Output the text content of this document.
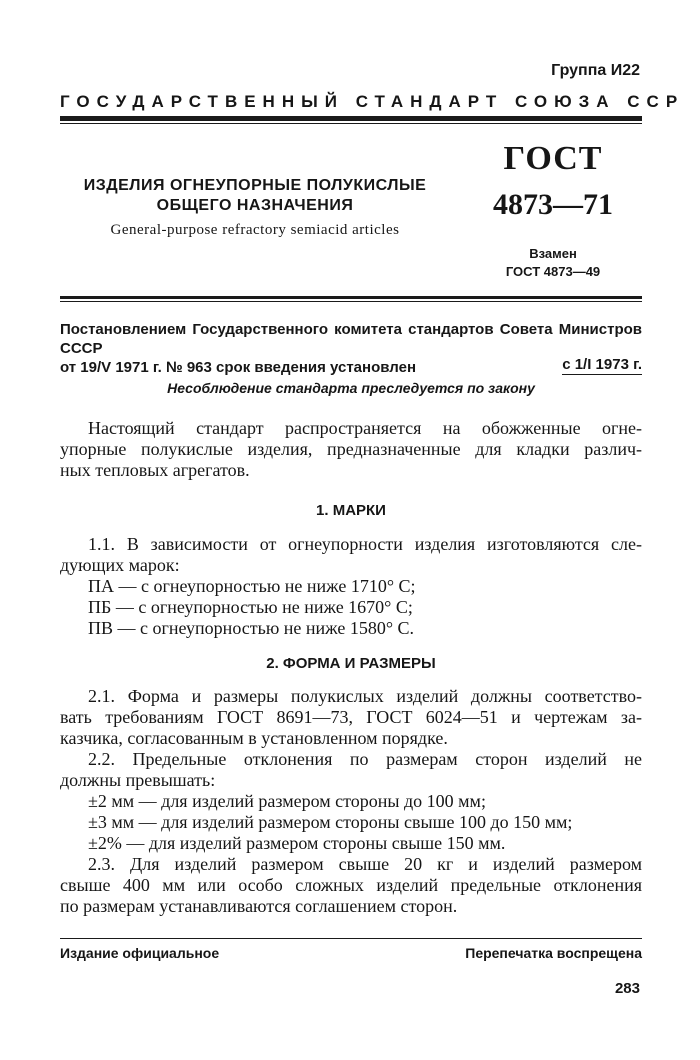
Группа И22
ГОСУДАРСТВЕННЫЙ СТАНДАРТ СОЮЗА ССР
ИЗДЕЛИЯ ОГНЕУПОРНЫЕ ПОЛУКИСЛЫЕ
ОБЩЕГО НАЗНАЧЕНИЯ
General-purpose refractory semiacid articles
ГОСТ
4873—71
Взамен
ГОСТ 4873—49
Постановлением Государственного комитета стандартов Совета Министров СССР
от 19/V 1971 г. № 963 срок введения установлен	с 1/I 1973 г.
Несоблюдение стандарта преследуется по закону
Настоящий стандарт распространяется на обожженные огне-
упорные полукислые изделия, предназначенные для кладки различ-
ных тепловых агрегатов.
1. МАРКИ
1.1. В зависимости от огнеупорности изделия изготовляются сле-
дующих марок:
ПА — с огнеупорностью не ниже 1710° С;
ПБ — с огнеупорностью не ниже 1670° С;
ПВ — с огнеупорностью не ниже 1580° С.
2. ФОРМА И РАЗМЕРЫ
2.1. Форма и размеры полукислых изделий должны соответство-
вать требованиям ГОСТ 8691—73, ГОСТ 6024—51 и чертежам за-
казчика, согласованным в установленном порядке.
2.2. Предельные отклонения по размерам сторон изделий не
должны превышать:
±2 мм — для изделий размером стороны до 100 мм;
±3 мм — для изделий размером стороны свыше 100 до 150 мм;
±2% — для изделий размером стороны свыше 150 мм.
2.3. Для изделий размером свыше 20 кг и изделий размером
свыше 400 мм или особо сложных изделий предельные отклонения
по размерам устанавливаются соглашением сторон.
Издание официальное	Перепечатка воспрещена
283
